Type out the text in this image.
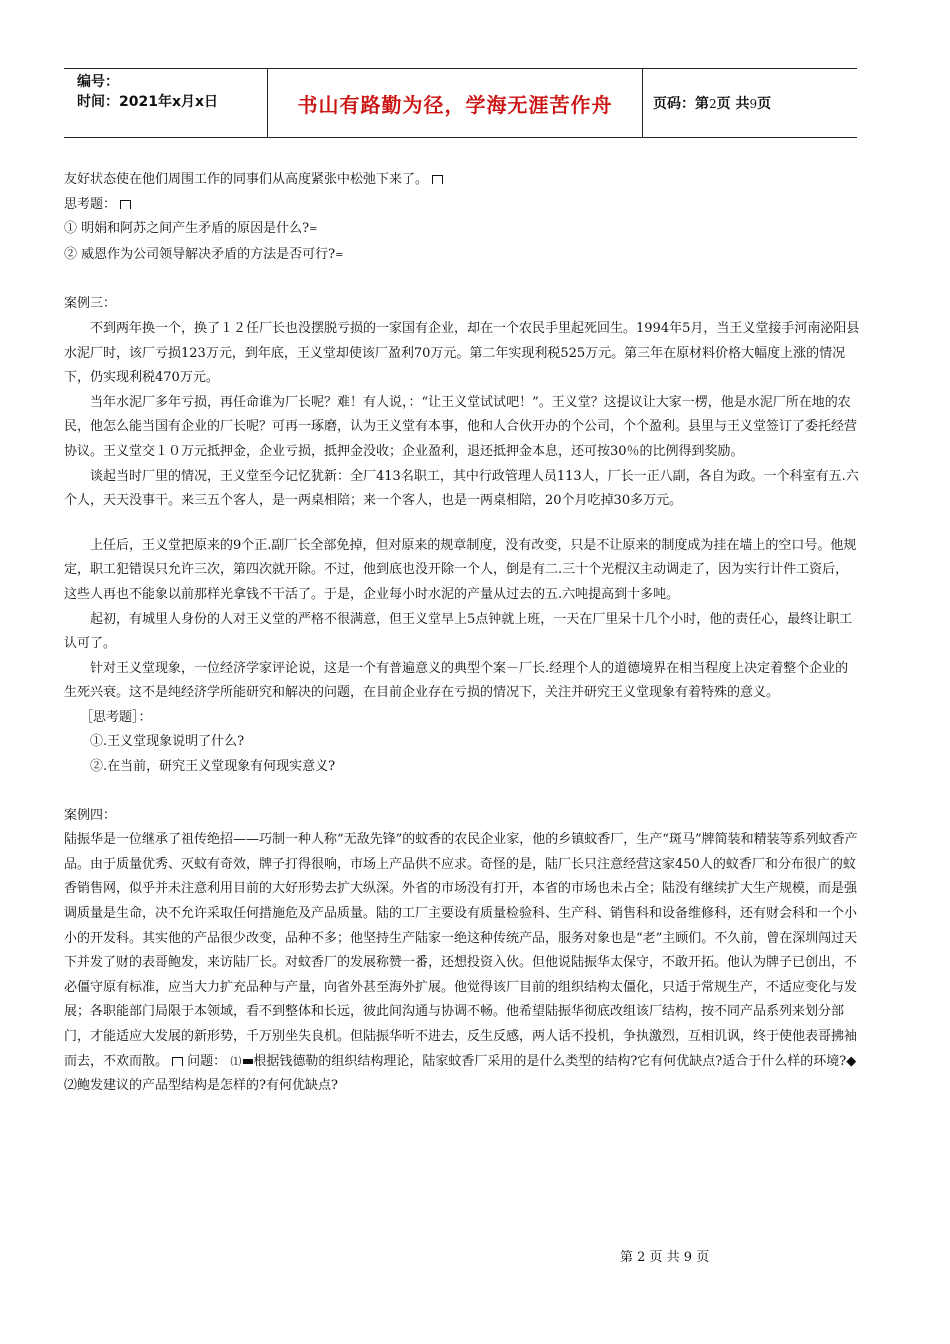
编号：
时间：2021年x月x日	书山有路勤为径，学海无涯苦作舟	页码：第2页 共9页

友好状态使在他们周围工作的同事们从高度紧张中松弛下来了。

思考题：

① 明娟和阿苏之间产生矛盾的原因是什么?=

② 威恩作为公司领导解决矛盾的方法是否可行?=

案例三：

不到两年换一个，换了１２任厂长也没摆脱亏损的一家国有企业，却在一个农民手里起死回生。1994年5月，当王义堂接手河南泌阳县水泥厂时，该厂亏损123万元，到年底，王义堂却使该厂盈利70万元。第二年实现利税525万元。第三年在原材料价格大幅度上涨的情况下，仍实现利税470万元。

当年水泥厂多年亏损，再任命谁为厂长呢？难！有人说，：“让王义堂试试吧！”。王义堂？这提议让大家一楞，他是水泥厂所在地的农民，他怎么能当国有企业的厂长呢？可再一琢磨，认为王义堂有本事，他和人合伙开办的个公司，个个盈利。县里与王义堂签订了委托经营协议。王义堂交１０万元抵押金，企业亏损，抵押金没收；企业盈利，退还抵押金本息，还可按30％的比例得到奖励。

谈起当时厂里的情况，王义堂至今记忆犹新：全厂413名职工，其中行政管理人员113人，厂长一正八副，各自为政。一个科室有五.六个人，天天没事干。来三五个客人，是一两桌相陪；来一个客人，也是一两桌相陪，20个月吃掉30多万元。

上任后，王义堂把原来的9个正.副厂长全部免掉，但对原来的规章制度，没有改变，只是不让原来的制度成为挂在墙上的空口号。他规定，职工犯错误只允许三次，第四次就开除。不过，他到底也没开除一个人，倒是有二.三十个光棍汉主动调走了，因为实行计件工资后，这些人再也不能象以前那样光拿钱不干活了。于是，企业每小时水泥的产量从过去的五.六吨提高到十多吨。

起初，有城里人身份的人对王义堂的严格不很满意，但王义堂早上5点钟就上班，一天在厂里呆十几个小时，他的责任心，最终让职工认可了。

针对王义堂现象，一位经济学家评论说，这是一个有普遍意义的典型个案－厂长.经理个人的道德境界在相当程度上决定着整个企业的生死兴衰。这不是纯经济学所能研究和解决的问题，在目前企业存在亏损的情况下，关注并研究王义堂现象有着特殊的意义。

［思考题］：

①.王义堂现象说明了什么?

②.在当前，研究王义堂现象有何现实意义?

案例四：

陆振华是一位继承了祖传绝招——巧制一种人称“无敌先锋”的蚊香的农民企业家，他的乡镇蚊香厂，生产“斑马”牌简装和精装等系列蚊香产品。由于质量优秀、灭蚊有奇效，牌子打得很响，市场上产品供不应求。奇怪的是，陆厂长只注意经营这家450人的蚊香厂和分布很广的蚊香销售网，似乎并未注意利用目前的大好形势去扩大纵深。外省的市场没有打开，本省的市场也未占全；陆没有继续扩大生产规模，而是强调质量是生命，决不允许采取任何措施危及产品质量。陆的工厂主要设有质量检验科、生产科、销售科和设备维修科，还有财会科和一个小小的开发科。其实他的产品很少改变，品种不多；他坚持生产陆家一绝这种传统产品，服务对象也是“老”主顾们。不久前，曾在深圳闯过天下并发了财的表哥鲍发，来访陆厂长。对蚊香厂的发展称赞一番，还想投资入伙。但他说陆振华太保守，不敢开拓。他认为牌子已创出，不必僵守原有标准，应当大力扩充品种与产量，向省外甚至海外扩展。他觉得该厂目前的组织结构太僵化，只适于常规生产，不适应变化与发展；各职能部门局限于本领域，看不到整体和长远，彼此间沟通与协调不畅。他希望陆振华彻底改组该厂结构，按不同产品系列来划分部门，才能适应大发展的新形势，千万别坐失良机。但陆振华听不进去，反生反感，两人话不投机，争执激烈，互相讥讽，终于使他表哥拂袖而去，不欢而散。 问题： ⑴ 根据钱德勒的组织结构理论，陆家蚊香厂采用的是什么类型的结构?它有何优缺点?适合于什么样的环境?◆

⑵鲍发建议的产品型结构是怎样的?有何优缺点?

第 2 页 共 9 页
